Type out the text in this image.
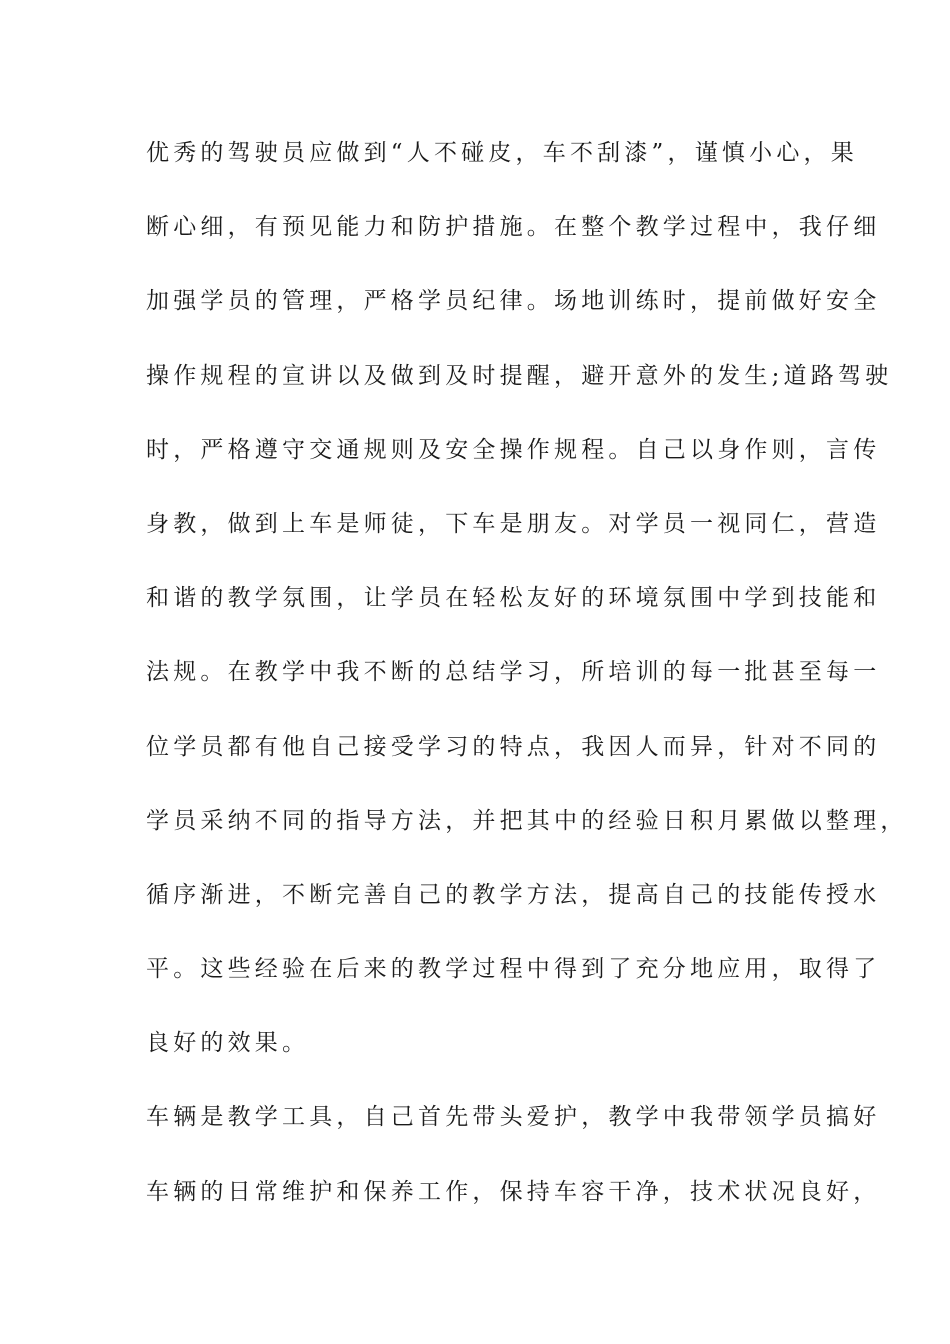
优秀的驾驶员应做到“人不碰皮，车不刮漆”，谨慎小心，果
断心细，有预见能力和防护措施。在整个教学过程中，我仔细
加强学员的管理，严格学员纪律。场地训练时，提前做好安全
操作规程的宣讲以及做到及时提醒，避开意外的发生;道路驾驶
时，严格遵守交通规则及安全操作规程。自己以身作则，言传
身教，做到上车是师徒，下车是朋友。对学员一视同仁，营造
和谐的教学氛围，让学员在轻松友好的环境氛围中学到技能和
法规。在教学中我不断的总结学习，所培训的每一批甚至每一
位学员都有他自己接受学习的特点，我因人而异，针对不同的
学员采纳不同的指导方法，并把其中的经验日积月累做以整理，
循序渐进，不断完善自己的教学方法，提高自己的技能传授水
平。这些经验在后来的教学过程中得到了充分地应用，取得了
良好的效果。
车辆是教学工具，自己首先带头爱护，教学中我带领学员搞好
车辆的日常维护和保养工作，保持车容干净，技术状况良好，
